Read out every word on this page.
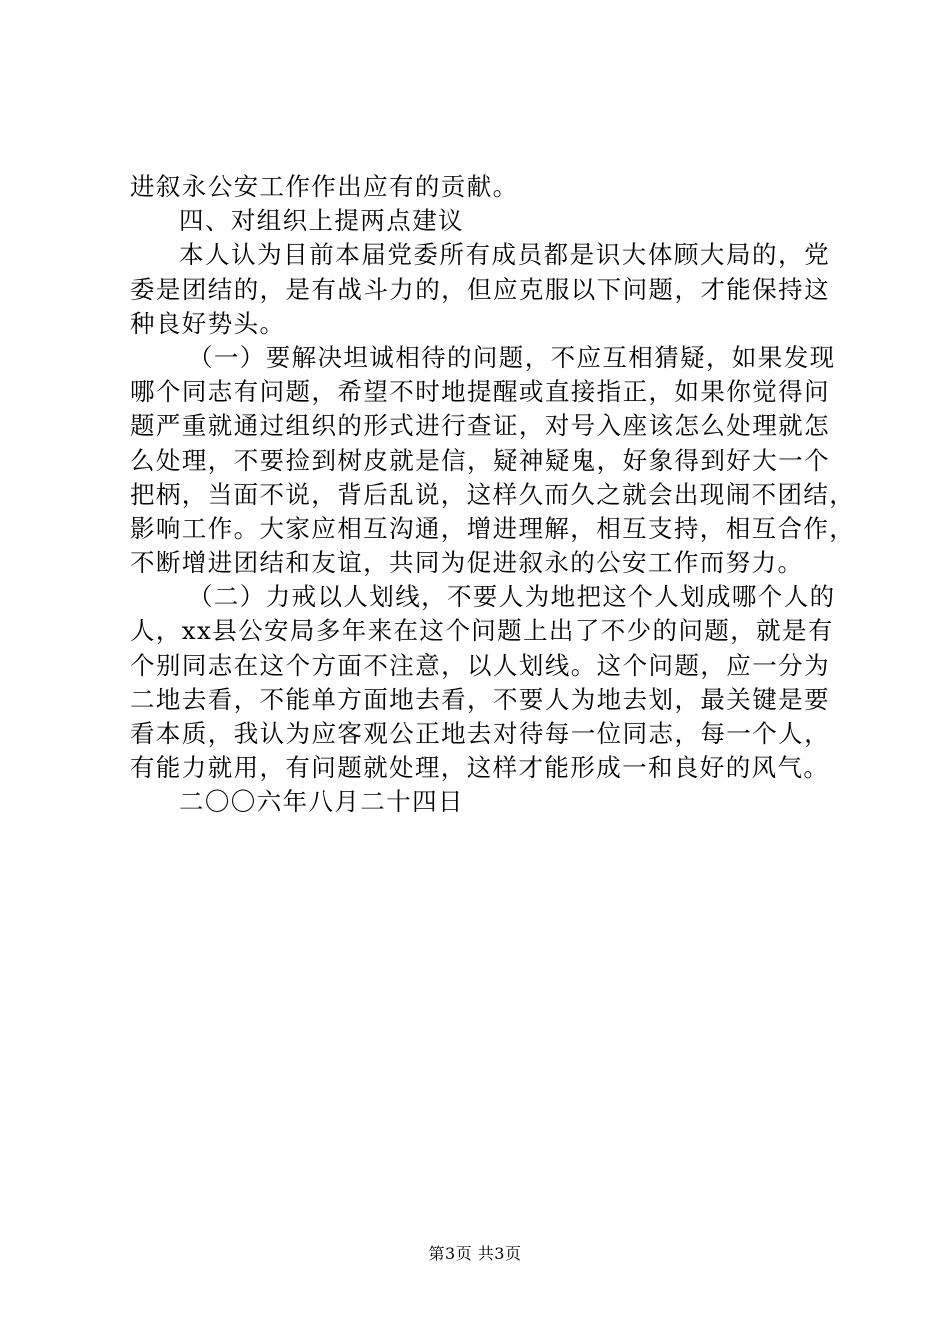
进叙永公安工作作出应有的贡献。
四、对组织上提两点建议
本人认为目前本届党委所有成员都是识大体顾大局的，党
委是团结的，是有战斗力的，但应克服以下问题，才能保持这
种良好势头。
（一）要解决坦诚相待的问题，不应互相猜疑，如果发现
哪个同志有问题，希望不时地提醒或直接指正，如果你觉得问
题严重就通过组织的形式进行查证，对号入座该怎么处理就怎
么处理，不要捡到树皮就是信，疑神疑鬼，好象得到好大一个
把柄，当面不说，背后乱说，这样久而久之就会出现闹不团结，
影响工作。大家应相互沟通，增进理解，相互支持，相互合作，
不断增进团结和友谊，共同为促进叙永的公安工作而努力。
（二）力戒以人划线，不要人为地把这个人划成哪个人的
人，xx县公安局多年来在这个问题上出了不少的问题，就是有
个别同志在这个方面不注意，以人划线。这个问题，应一分为
二地去看，不能单方面地去看，不要人为地去划，最关键是要
看本质，我认为应客观公正地去对待每一位同志，每一个人，
有能力就用，有问题就处理，这样才能形成一和良好的风气。
二〇〇六年八月二十四日
第3页 共3页
